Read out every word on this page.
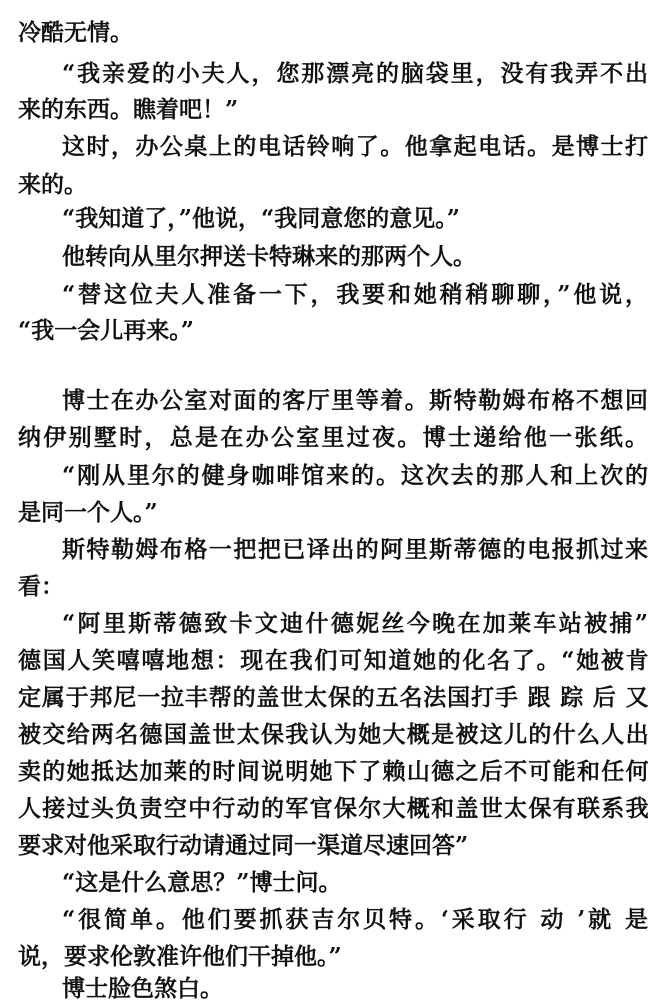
冷酷无情。
“我亲爱的小夫人，您那漂亮的脑袋里，没有我弄不出
来的东西。瞧着吧！”
这时，办公桌上的电话铃响了。他拿起电话。是博士打
来的。
“我知道了，”他说，“我同意您的意见。”
他转向从里尔押送卡特琳来的那两个人。
“替这位夫人准备一下，我要和她稍稍聊聊，”他说，
“我一会儿再来。”
博士在办公室对面的客厅里等着。斯特勒姆布格不想回
纳伊别墅时，总是在办公室里过夜。博士递给他一张纸。
“刚从里尔的健身咖啡馆来的。这次去的那人和上次的
是同一个人。”
斯特勒姆布格一把把已译出的阿里斯蒂德的电报抓过来
看：
“阿里斯蒂德致卡文迪什德妮丝今晚在加莱车站被捕”
德国人笑嘻嘻地想：现在我们可知道她的化名了。“她被肯
定属于邦尼一拉丰帮的盖世太保的五名法国打手 跟 踪 后 又
被交给两名德国盖世太保我认为她大概是被这儿的什么人出
卖的她抵达加莱的时间说明她下了赖山德之后不可能和任何
人接过头负责空中行动的军官保尔大概和盖世太保有联系我
要求对他采取行动请通过同一渠道尽速回答”
“这是什么意思？”博士问。
“很简单。他们要抓获吉尔贝特。‘采取行 动 ’就 是
说，要求伦敦准许他们干掉他。”
博士脸色煞白。
